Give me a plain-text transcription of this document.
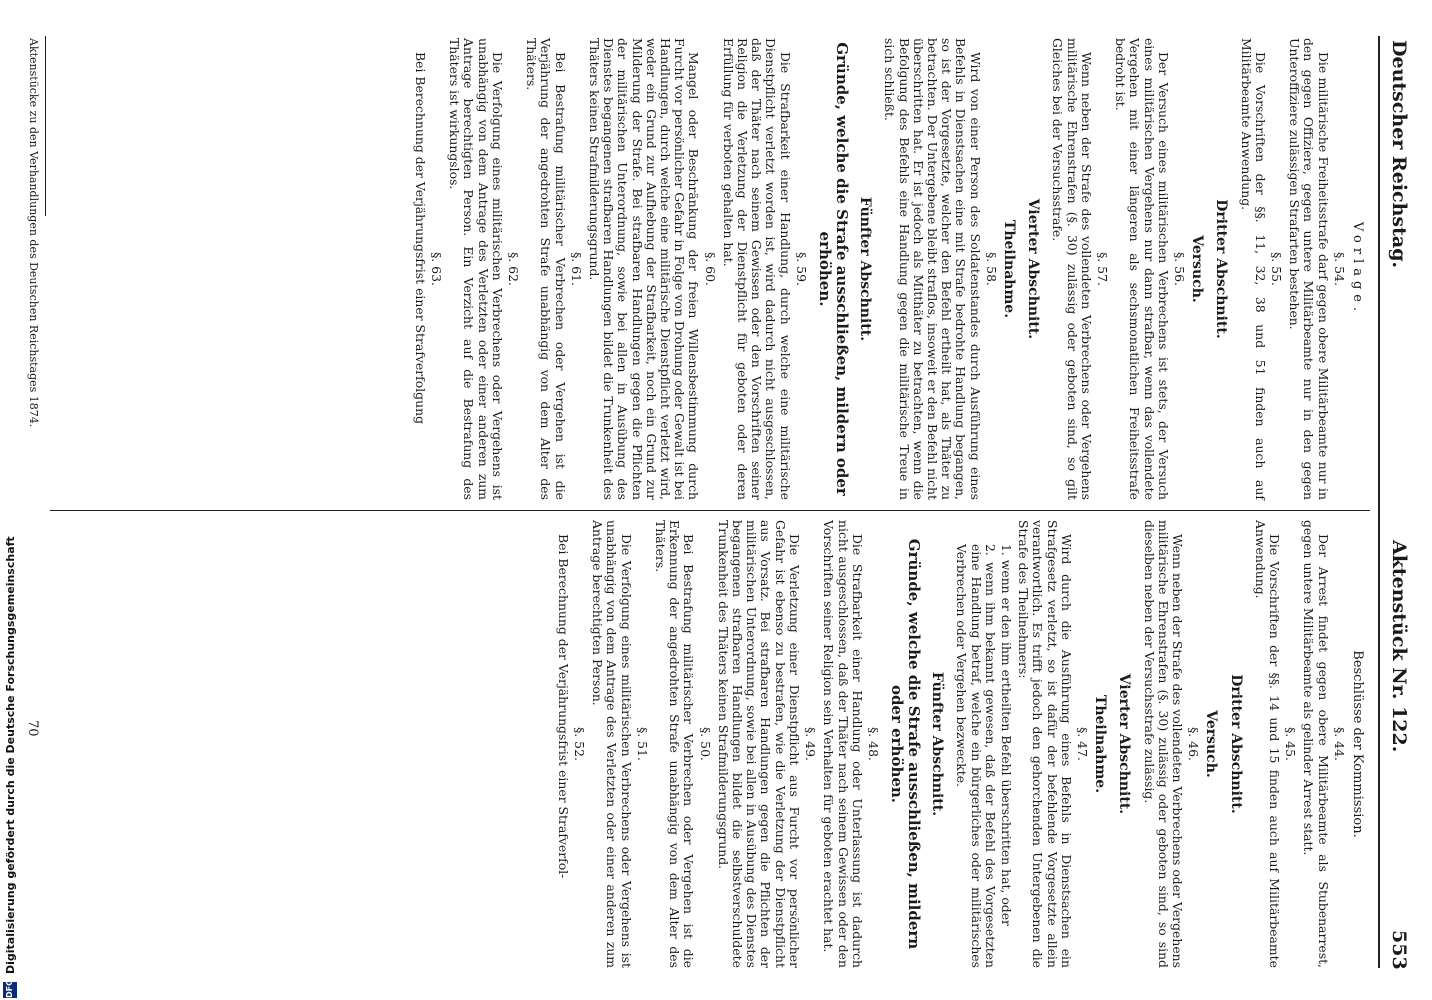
Deutscher Reichstag.
Aktenstück Nr. 122.
553
Vorlage.
§. 54.

Die militärische Freiheitsstrafe darf gegen obere Militärbeamte nur in den gegen Offiziere, gegen untere Militärbeamte nur in den gegen Unteroffiziere zulässigen Strafarten bestehen.

§. 55.

Die Vorschriften der §§. 11, 32, 38 und 51 finden auch auf Militärbeamte Anwendung.

Dritter Abschnitt.
Versuch.
§. 56.

Der Versuch eines militärischen Verbrechens ist stets, der Versuch eines militärischen Vergehens nur dann strafbar, wenn das vollendete Vergehen mit einer längeren als sechsmonatlichen Freiheitsstrafe bedroht ist.

§. 57.

Wenn neben der Strafe des vollendeten Verbrechens oder Vergehens militärische Ehrenstrafen (§. 30) zulässig oder geboten sind, so gilt Gleiches bei der Versuchsstrafe.

Vierter Abschnitt.
Theilnahme.
§. 58.

Wird von einer Person des Soldatenstandes durch Ausführung eines Befehls in Dienstsachen eine mit Strafe bedrohte Handlung begangen, so ist der Vorgesetzte, welcher den Befehl ertheilt hat, als Thäter zu betrachten. Der Untergebene bleibt straflos, insoweit er den Befehl nicht überschritten hat. Er ist jedoch als Mitthäter zu betrachten, wenn die Befolgung des Befehls eine Handlung gegen die militärische Treue in sich schließt.

Fünfter Abschnitt.
Gründe, welche die Strafe ausschließen, mildern oder erhöhen.
§. 59.

Die Strafbarkeit einer Handlung, durch welche eine militärische Dienstpflicht verletzt worden ist, wird dadurch nicht ausgeschlossen, daß der Thäter nach seinem Gewissen oder den Vorschriften seiner Religion die Verletzung der Dienstpflicht für geboten oder deren Erfüllung für verboten gehalten hat.

§. 60.

Mangel oder Beschränkung der freien Willensbestimmung durch Furcht vor persönlicher Gefahr in Folge von Drohung oder Gewalt ist bei Handlungen, durch welche eine militärische Dienstpflicht verletzt wird, weder ein Grund zur Aufhebung der Strafbarkeit, noch ein Grund zur Milderung der Strafe. Bei strafbaren Handlungen gegen die Pflichten der militärischen Unterordnung, sowie bei allen in Ausübung des Dienstes begangenen strafbaren Handlungen bildet die Trunkenheit des Thäters keinen Strafmilderungsgrund.

§. 61.

Bei Bestrafung militärischer Verbrechen oder Vergehen ist die Verjährung der angedrohten Strafe unabhängig von dem Alter des Thäters.

§. 62.

Die Verfolgung eines militärischen Verbrechens oder Vergehens ist unabhängig von dem Antrage des Verletzten oder einer anderen zum Antrage berechtigten Person. Ein Verzicht auf die Bestrafung des Thäters ist wirkungslos.

§. 63.

Bei Berechnung der Verjährungsfrist einer Strafverfolgung

Beschlüsse der Kommission.
§. 44.

Der Arrest findet gegen obere Militärbeamte als Stubenarrest, gegen untere Militärbeamte als gelinder Arrest statt.

§. 45.

Die Vorschriften der §§. 14 und 15 finden auch auf Militärbeamte Anwendung.

Dritter Abschnitt.
Versuch.
§. 46.

Wenn neben der Strafe des vollendeten Verbrechens oder Vergehens militärische Ehrenstrafen (§. 30) zulässig oder geboten sind, so sind dieselben neben der Versuchsstrafe zulässig.

Vierter Abschnitt.
Theilnahme.
§. 47.

Wird durch die Ausführung eines Befehls in Dienstsachen ein Strafgesetz verletzt, so ist dafür der befehlende Vorgesetzte allein verantwortlich. Es trifft jedoch den gehorchenden Untergebenen die Strafe des Theilnehmers:

1. wenn er den ihm ertheilten Befehl überschritten hat, oder
2. wenn ihm bekannt gewesen, daß der Befehl des Vorgesetzten eine Handlung betraf, welche ein bürgerliches oder militärisches Verbrechen oder Vergehen bezweckte.
Fünfter Abschnitt.
Gründe, welche die Strafe ausschließen, mildern oder erhöhen.
§. 48.

Die Strafbarkeit einer Handlung oder Unterlassung ist dadurch nicht ausgeschlossen, daß der Thäter nach seinem Gewissen oder den Vorschriften seiner Religion sein Verhalten für geboten erachtet hat.

§. 49.

Die Verletzung einer Dienstpflicht aus Furcht vor persönlicher Gefahr ist ebenso zu bestrafen, wie die Verletzung der Dienstpflicht aus Vorsatz. Bei strafbaren Handlungen gegen die Pflichten der militärischen Unterordnung, sowie bei allen in Ausübung des Dienstes begangenen strafbaren Handlungen bildet die selbstverschuldete Trunkenheit des Thäters keinen Strafmilderungsgrund.

§. 50.

Bei Bestrafung militärischer Verbrechen oder Vergehen ist die Erkennung der angedrohten Strafe unabhängig von dem Alter des Thäters.

§. 51.

Die Verfolgung eines militärischen Verbrechens oder Vergehens ist unabhängig von dem Antrage des Verletzten oder einer anderen zum Antrage berechtigten Person.

§. 52.

Bei Berechnung der Verjährungsfrist einer Strafverfol-

Aktenstücke zu den Verhandlungen des Deutschen Reichstages 1874.
70
DFG
Digitalisierung gefördert durch die Deutsche Forschungsgemeinschaft
